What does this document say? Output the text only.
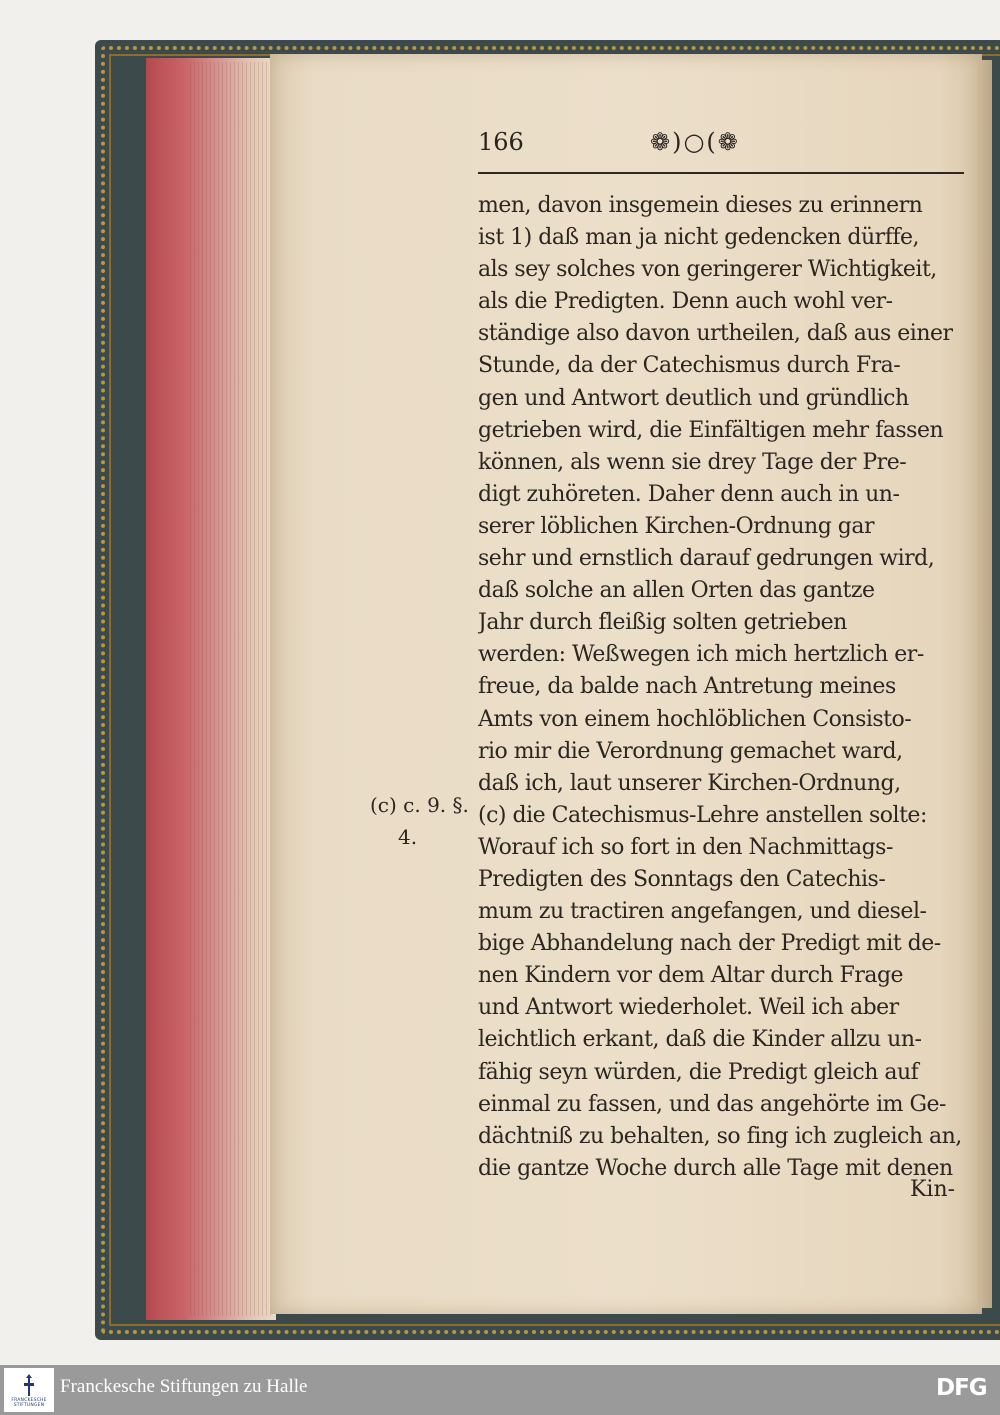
166	❁)○(❁
men, davon insgemein dieses zu erinnern
ist 1) daß man ja nicht gedencken dürffe,
als sey solches von geringerer Wichtigkeit,
als die Predigten. Denn auch wohl ver-
ständige also davon urtheilen, daß aus einer
Stunde, da der Catechismus durch Fra-
gen und Antwort deutlich und gründlich
getrieben wird, die Einfältigen mehr fassen
können, als wenn sie drey Tage der Pre-
digt zuhöreten. Daher denn auch in un-
serer löblichen Kirchen-Ordnung gar
sehr und ernstlich darauf gedrungen wird,
daß solche an allen Orten das gantze
Jahr durch fleißig solten getrieben
werden: Weßwegen ich mich hertzlich er-
freue, da balde nach Antretung meines
Amts von einem hochlöblichen Consisto-
rio mir die Verordnung gemachet ward,
daß ich, laut unserer Kirchen-Ordnung,
(c) die Catechismus-Lehre anstellen solte:
Worauf ich so fort in den Nachmittags-
Predigten des Sonntags den Catechis-
mum zu tractiren angefangen, und diesel-
bige Abhandelung nach der Predigt mit de-
nen Kindern vor dem Altar durch Frage
und Antwort wiederholet. Weil ich aber
leichtlich erkant, daß die Kinder allzu un-
fähig seyn würden, die Predigt gleich auf
einmal zu fassen, und das angehörte im Ge-
dächtniß zu behalten, so fing ich zugleich an,
die gantze Woche durch alle Tage mit denen
Kin-
(c) c. 9. §.
4.
FRANCKESCHE STIFTUNGEN
Franckesche Stiftungen zu Halle	DFG
